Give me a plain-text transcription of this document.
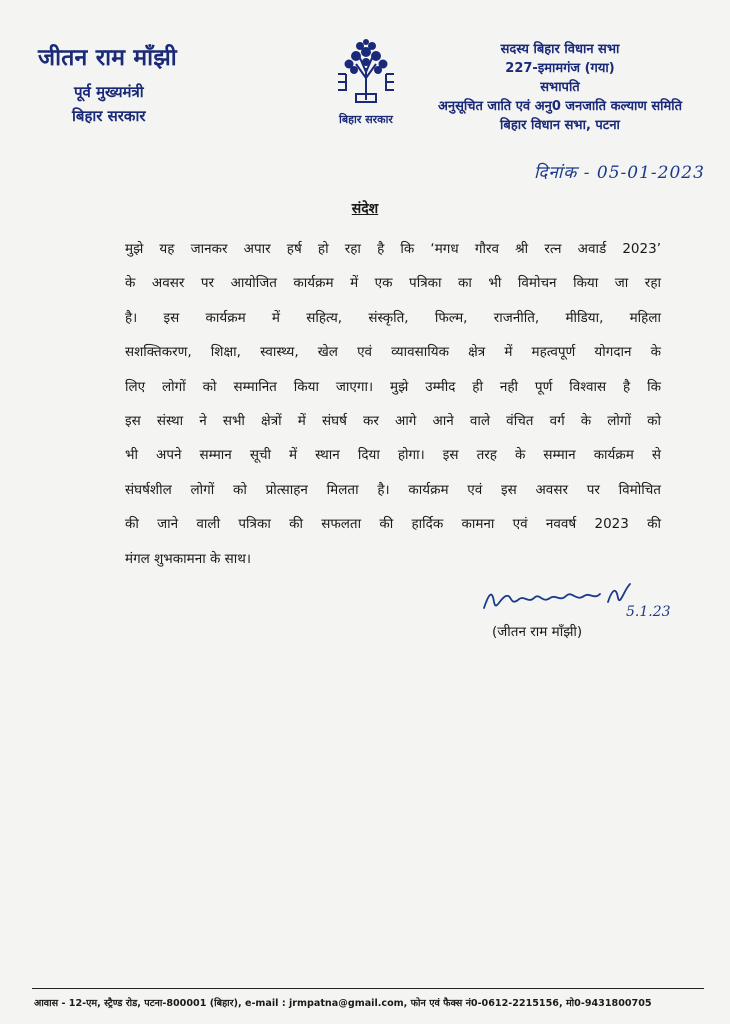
जीतन राम माँझी
पूर्व मुख्यमंत्री
बिहार सरकार	बिहार सरकार
सदस्य बिहार विधान सभा
227-इमामगंज (गया)
सभापति
अनुसूचित जाति एवं अनु0 जनजाति कल्याण समिति
बिहार विधान सभा, पटना
दिनांक - 05-01-2023
संदेश
मुझे यह जानकर अपार हर्ष हो रहा है कि ‘मगध गौरव श्री रत्न अवार्ड 2023’
के अवसर पर आयोजित कार्यक्रम में एक पत्रिका का भी विमोचन किया जा रहा
है। इस कार्यक्रम में सहित्य, संस्कृति, फिल्म, राजनीति, मीडिया, महिला
सशक्तिकरण, शिक्षा, स्वास्थ्य, खेल एवं व्यावसायिक क्षेत्र में महत्वपूर्ण योगदान के
लिए लोगों को सम्मानित किया जाएगा। मुझे उम्मीद ही नही पूर्ण विश्वास है कि
इस संस्था ने सभी क्षेत्रों में संघर्ष कर आगे आने वाले वंचित वर्ग के लोगों को
भी अपने सम्मान सूची में स्थान दिया होगा। इस तरह के सम्मान कार्यक्रम से
संघर्षशील लोगों को प्रोत्साहन मिलता है। कार्यक्रम एवं इस अवसर पर विमोचित
की जाने वाली पत्रिका की सफलता की हार्दिक कामना एवं नववर्ष 2023 की
मंगल शुभकामना के साथ।
5.1.23
(जीतन राम माँझी)
आवास - 12-एम, स्ट्रैण्ड रोड, पटना-800001 (बिहार), e-mail : jrmpatna@gmail.com, फोन एवं फैक्स नं0-0612-2215156, मो0-9431800705
